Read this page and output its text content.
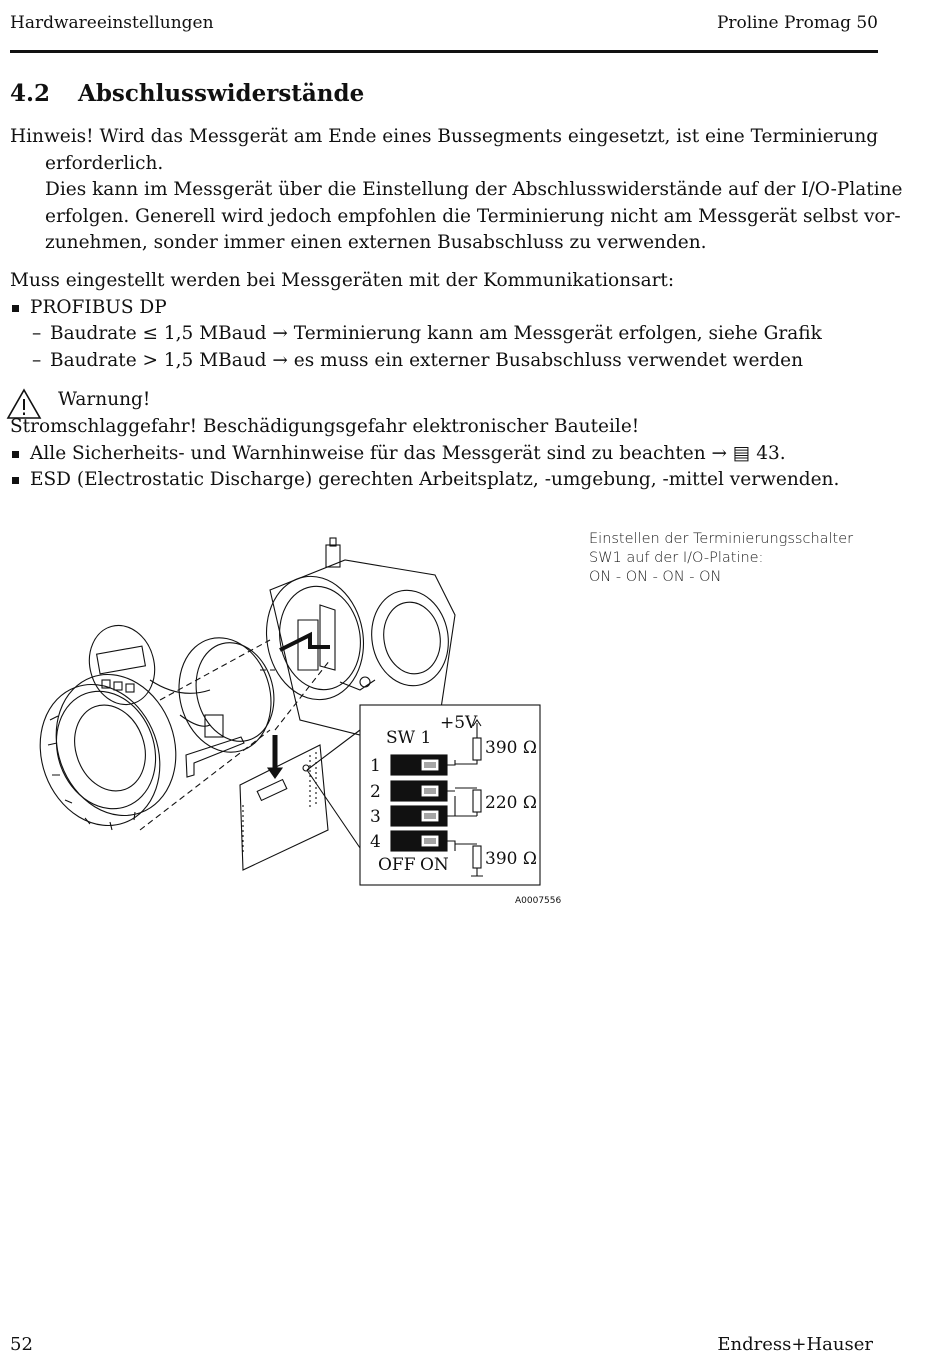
Hardwareeinstellungen	Proline Promag 50
4.2 Abschlusswiderstände
Hinweis! Wird das Messgerät am Ende eines Bussegments eingesetzt, ist eine Terminierung
erforderlich.
Dies kann im Messgerät über die Einstellung der Abschlusswiderstände auf der I/O-Platine
erfolgen. Generell wird jedoch empfohlen die Terminierung nicht am Messgerät selbst vor-
zunehmen, sonder immer einen externen Busabschluss zu verwenden.
Muss eingestellt werden bei Messgeräten mit der Kommunikationsart:
PROFIBUS DP
– Baudrate ≤ 1,5 MBaud → Terminierung kann am Messgerät erfolgen, siehe Grafik
– Baudrate > 1,5 MBaud → es muss ein externer Busabschluss verwendet werden
Warnung!
Stromschlaggefahr! Beschädigungsgefahr elektronischer Bauteile!
Alle Sicherheits- und Warnhinweise für das Messgerät sind zu beachten → ▤ 43.
ESD (Electrostatic Discharge) gerechten Arbeitsplatz, -umgebung, -mittel verwenden.
Einstellen der Terminierungsschalter
SW1 auf der I/O-Platine:
ON - ON - ON - ON
SW 1
+5V
1
2
3
4
OFF ON
390 Ω
220 Ω
390 Ω
A0007556
52	Endress+Hauser
